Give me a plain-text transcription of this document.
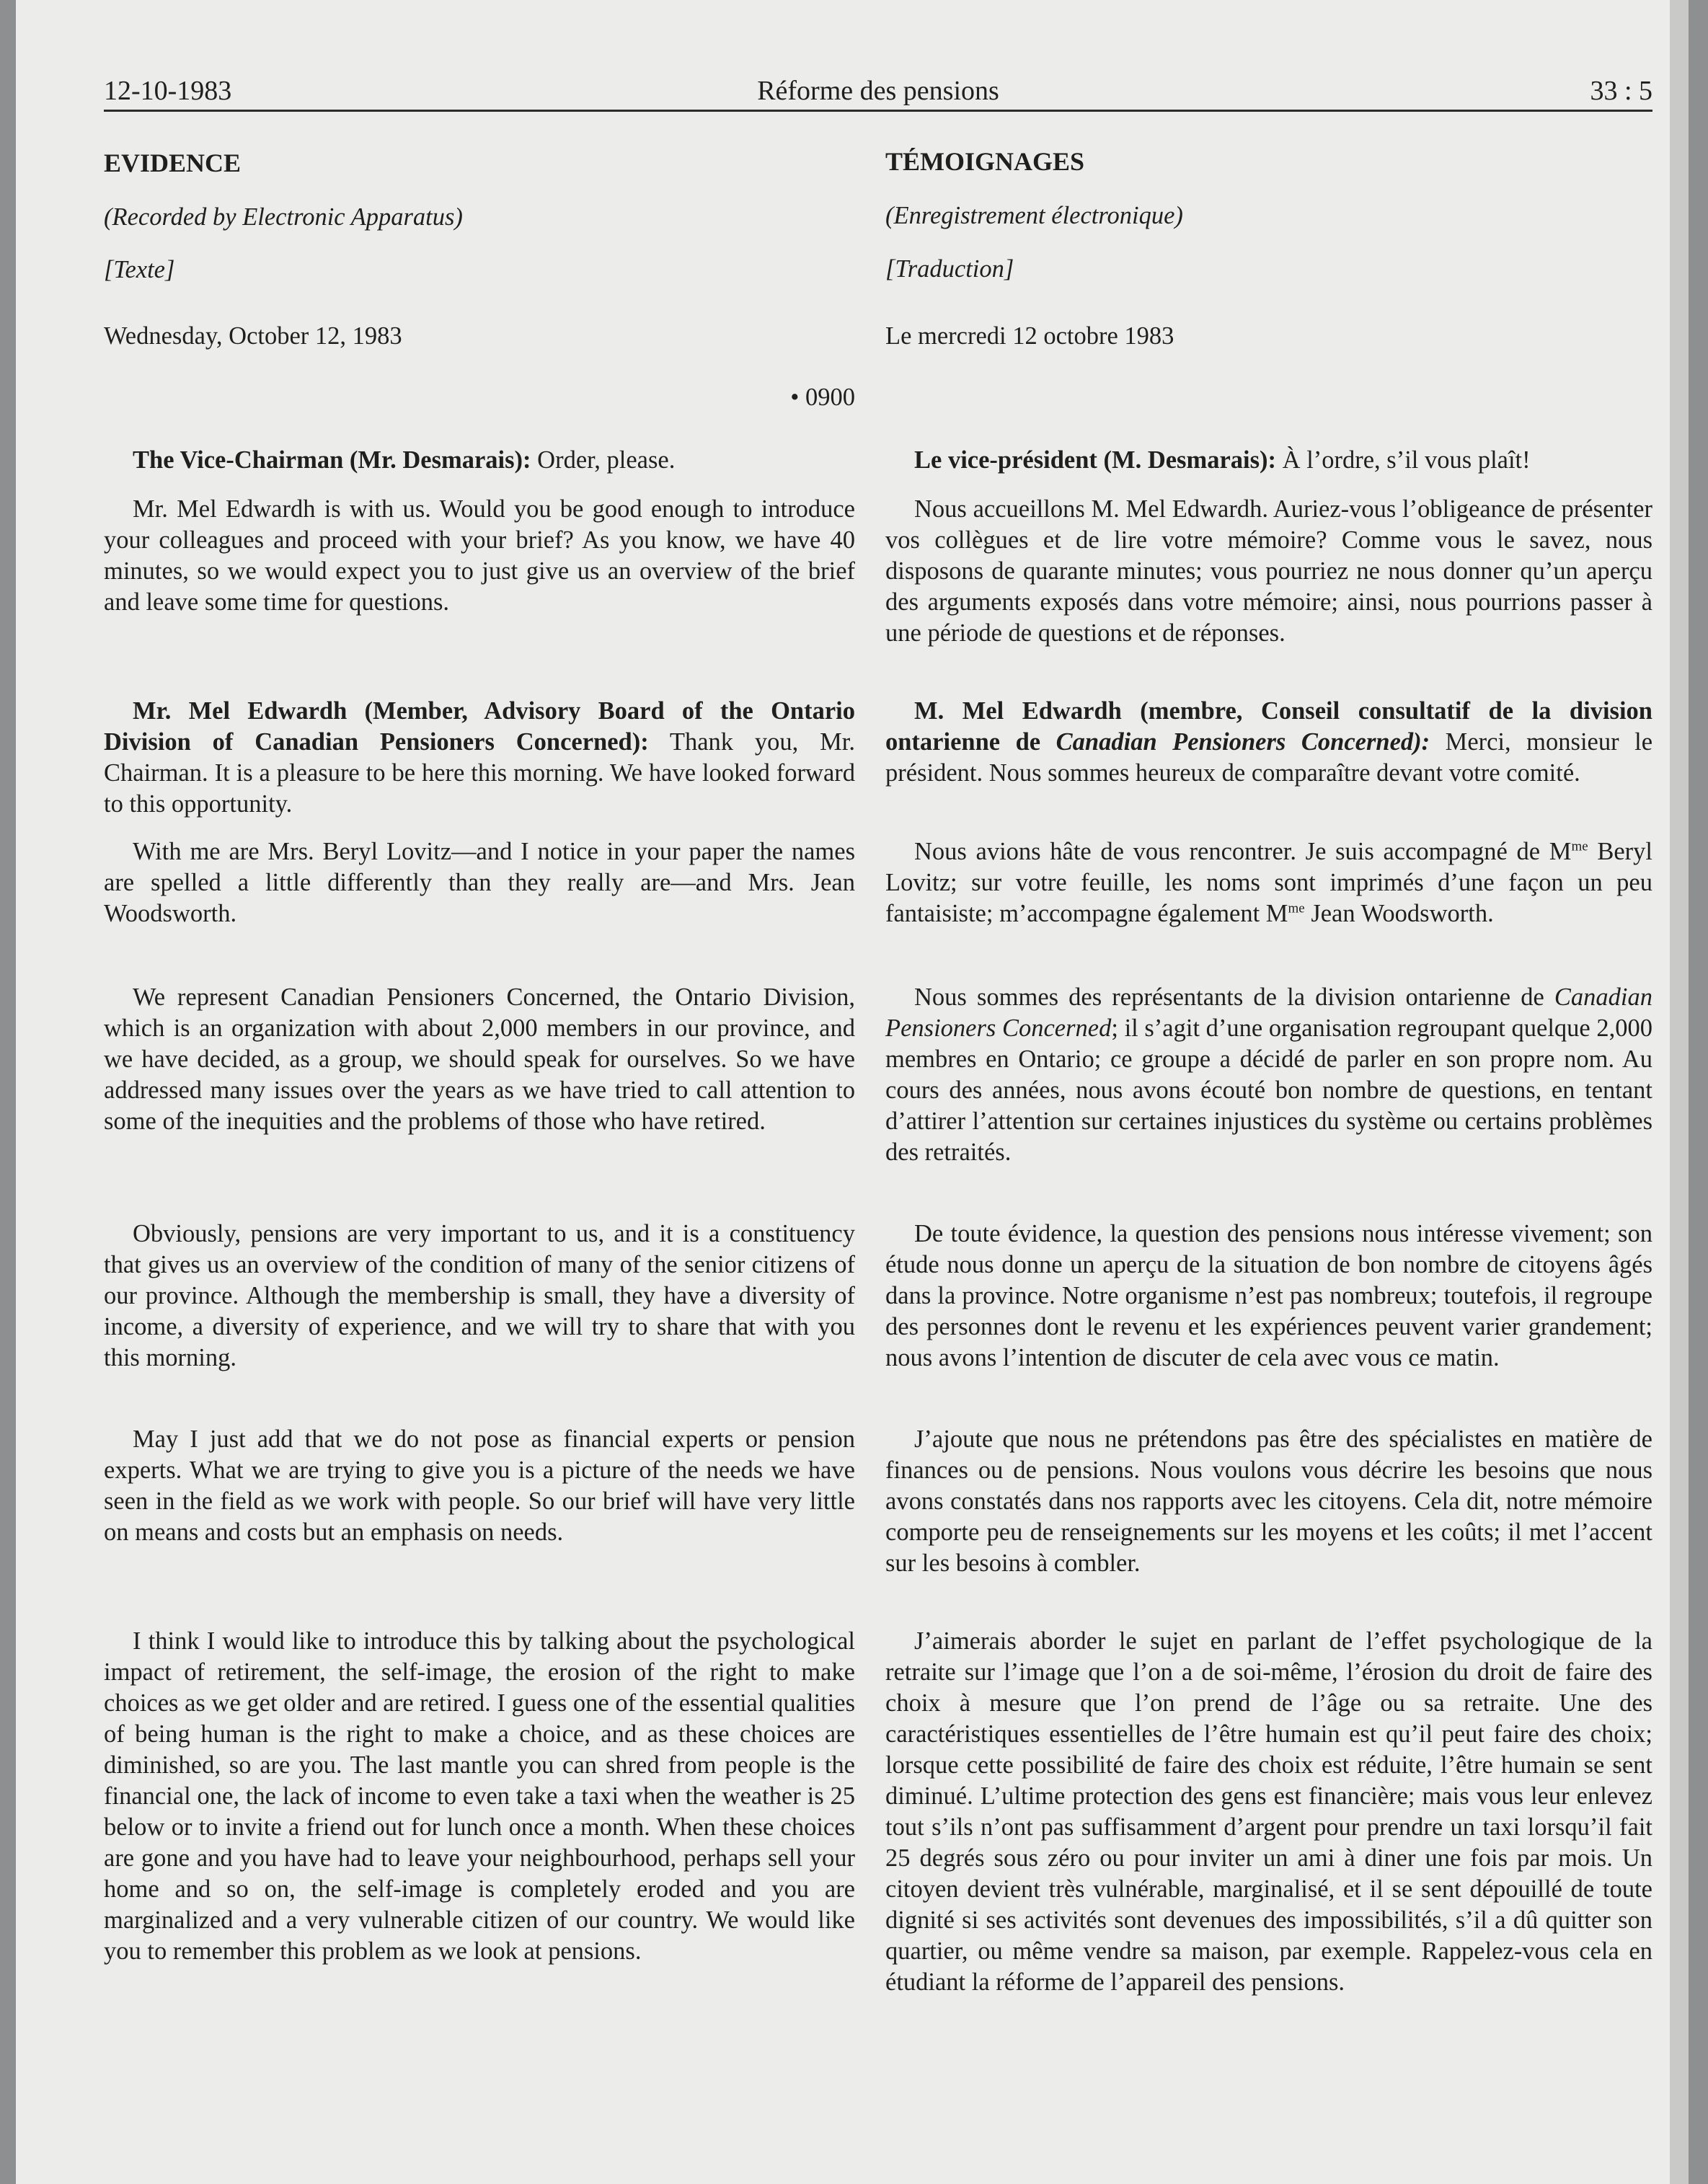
12-10-1983	Réforme des pensions	33 : 5

EVIDENCE

(Recorded by Electronic Apparatus)

[Texte]

Wednesday, October 12, 1983

• 0900

The Vice-Chairman (Mr. Desmarais): Order, please.

Mr. Mel Edwardh is with us. Would you be good enough to introduce your colleagues and proceed with your brief? As you know, we have 40 minutes, so we would expect you to just give us an overview of the brief and leave some time for questions.

Mr. Mel Edwardh (Member, Advisory Board of the Ontario Division of Canadian Pensioners Concerned): Thank you, Mr. Chairman. It is a pleasure to be here this morning. We have looked forward to this opportunity.

With me are Mrs. Beryl Lovitz—and I notice in your paper the names are spelled a little differently than they really are—and Mrs. Jean Woodsworth.

We represent Canadian Pensioners Concerned, the Ontario Division, which is an organization with about 2,000 members in our province, and we have decided, as a group, we should speak for ourselves. So we have addressed many issues over the years as we have tried to call attention to some of the inequities and the problems of those who have retired.

Obviously, pensions are very important to us, and it is a constituency that gives us an overview of the condition of many of the senior citizens of our province. Although the membership is small, they have a diversity of income, a diversity of experience, and we will try to share that with you this morning.

May I just add that we do not pose as financial experts or pension experts. What we are trying to give you is a picture of the needs we have seen in the field as we work with people. So our brief will have very little on means and costs but an emphasis on needs.

I think I would like to introduce this by talking about the psychological impact of retirement, the self-image, the erosion of the right to make choices as we get older and are retired. I guess one of the essential qualities of being human is the right to make a choice, and as these choices are diminished, so are you. The last mantle you can shred from people is the financial one, the lack of income to even take a taxi when the weather is 25 below or to invite a friend out for lunch once a month. When these choices are gone and you have had to leave your neighbourhood, perhaps sell your home and so on, the self-image is completely eroded and you are marginalized and a very vulnerable citizen of our country. We would like you to remember this problem as we look at pensions.

TÉMOIGNAGES

(Enregistrement électronique)

[Traduction]

Le mercredi 12 octobre 1983

Le vice-président (M. Desmarais): À l’ordre, s’il vous plaît!

Nous accueillons M. Mel Edwardh. Auriez-vous l’obligeance de présenter vos collègues et de lire votre mémoire? Comme vous le savez, nous disposons de quarante minutes; vous pourriez ne nous donner qu’un aperçu des arguments exposés dans votre mémoire; ainsi, nous pourrions passer à une période de questions et de réponses.

M. Mel Edwardh (membre, Conseil consultatif de la division ontarienne de Canadian Pensioners Concerned): Merci, monsieur le président. Nous sommes heureux de comparaître devant votre comité.

Nous avions hâte de vous rencontrer. Je suis accompagné de $M^{me}$ Beryl Lovitz; sur votre feuille, les noms sont imprimés d’une façon un peu fantaisiste; m’accompagne également $M^{me}$ Jean Woodsworth.

Nous sommes des représentants de la division ontarienne de Canadian Pensioners Concerned; il s’agit d’une organisation regroupant quelque 2,000 membres en Ontario; ce groupe a décidé de parler en son propre nom. Au cours des années, nous avons écouté bon nombre de questions, en tentant d’attirer l’attention sur certaines injustices du système ou certains problèmes des retraités.

De toute évidence, la question des pensions nous intéresse vivement; son étude nous donne un aperçu de la situation de bon nombre de citoyens âgés dans la province. Notre organisme n’est pas nombreux; toutefois, il regroupe des personnes dont le revenu et les expériences peuvent varier grandement; nous avons l’intention de discuter de cela avec vous ce matin.

J’ajoute que nous ne prétendons pas être des spécialistes en matière de finances ou de pensions. Nous voulons vous décrire les besoins que nous avons constatés dans nos rapports avec les citoyens. Cela dit, notre mémoire comporte peu de renseignements sur les moyens et les coûts; il met l’accent sur les besoins à combler.

J’aimerais aborder le sujet en parlant de l’effet psychologique de la retraite sur l’image que l’on a de soi-même, l’érosion du droit de faire des choix à mesure que l’on prend de l’âge ou sa retraite. Une des caractéristiques essentielles de l’être humain est qu’il peut faire des choix; lorsque cette possibilité de faire des choix est réduite, l’être humain se sent diminué. L’ultime protection des gens est financière; mais vous leur enlevez tout s’ils n’ont pas suffisamment d’argent pour prendre un taxi lorsqu’il fait 25 degrés sous zéro ou pour inviter un ami à diner une fois par mois. Un citoyen devient très vulnérable, marginalisé, et il se sent dépouillé de toute dignité si ses activités sont devenues des impossibilités, s’il a dû quitter son quartier, ou même vendre sa maison, par exemple. Rappelez-vous cela en étudiant la réforme de l’appareil des pensions.
